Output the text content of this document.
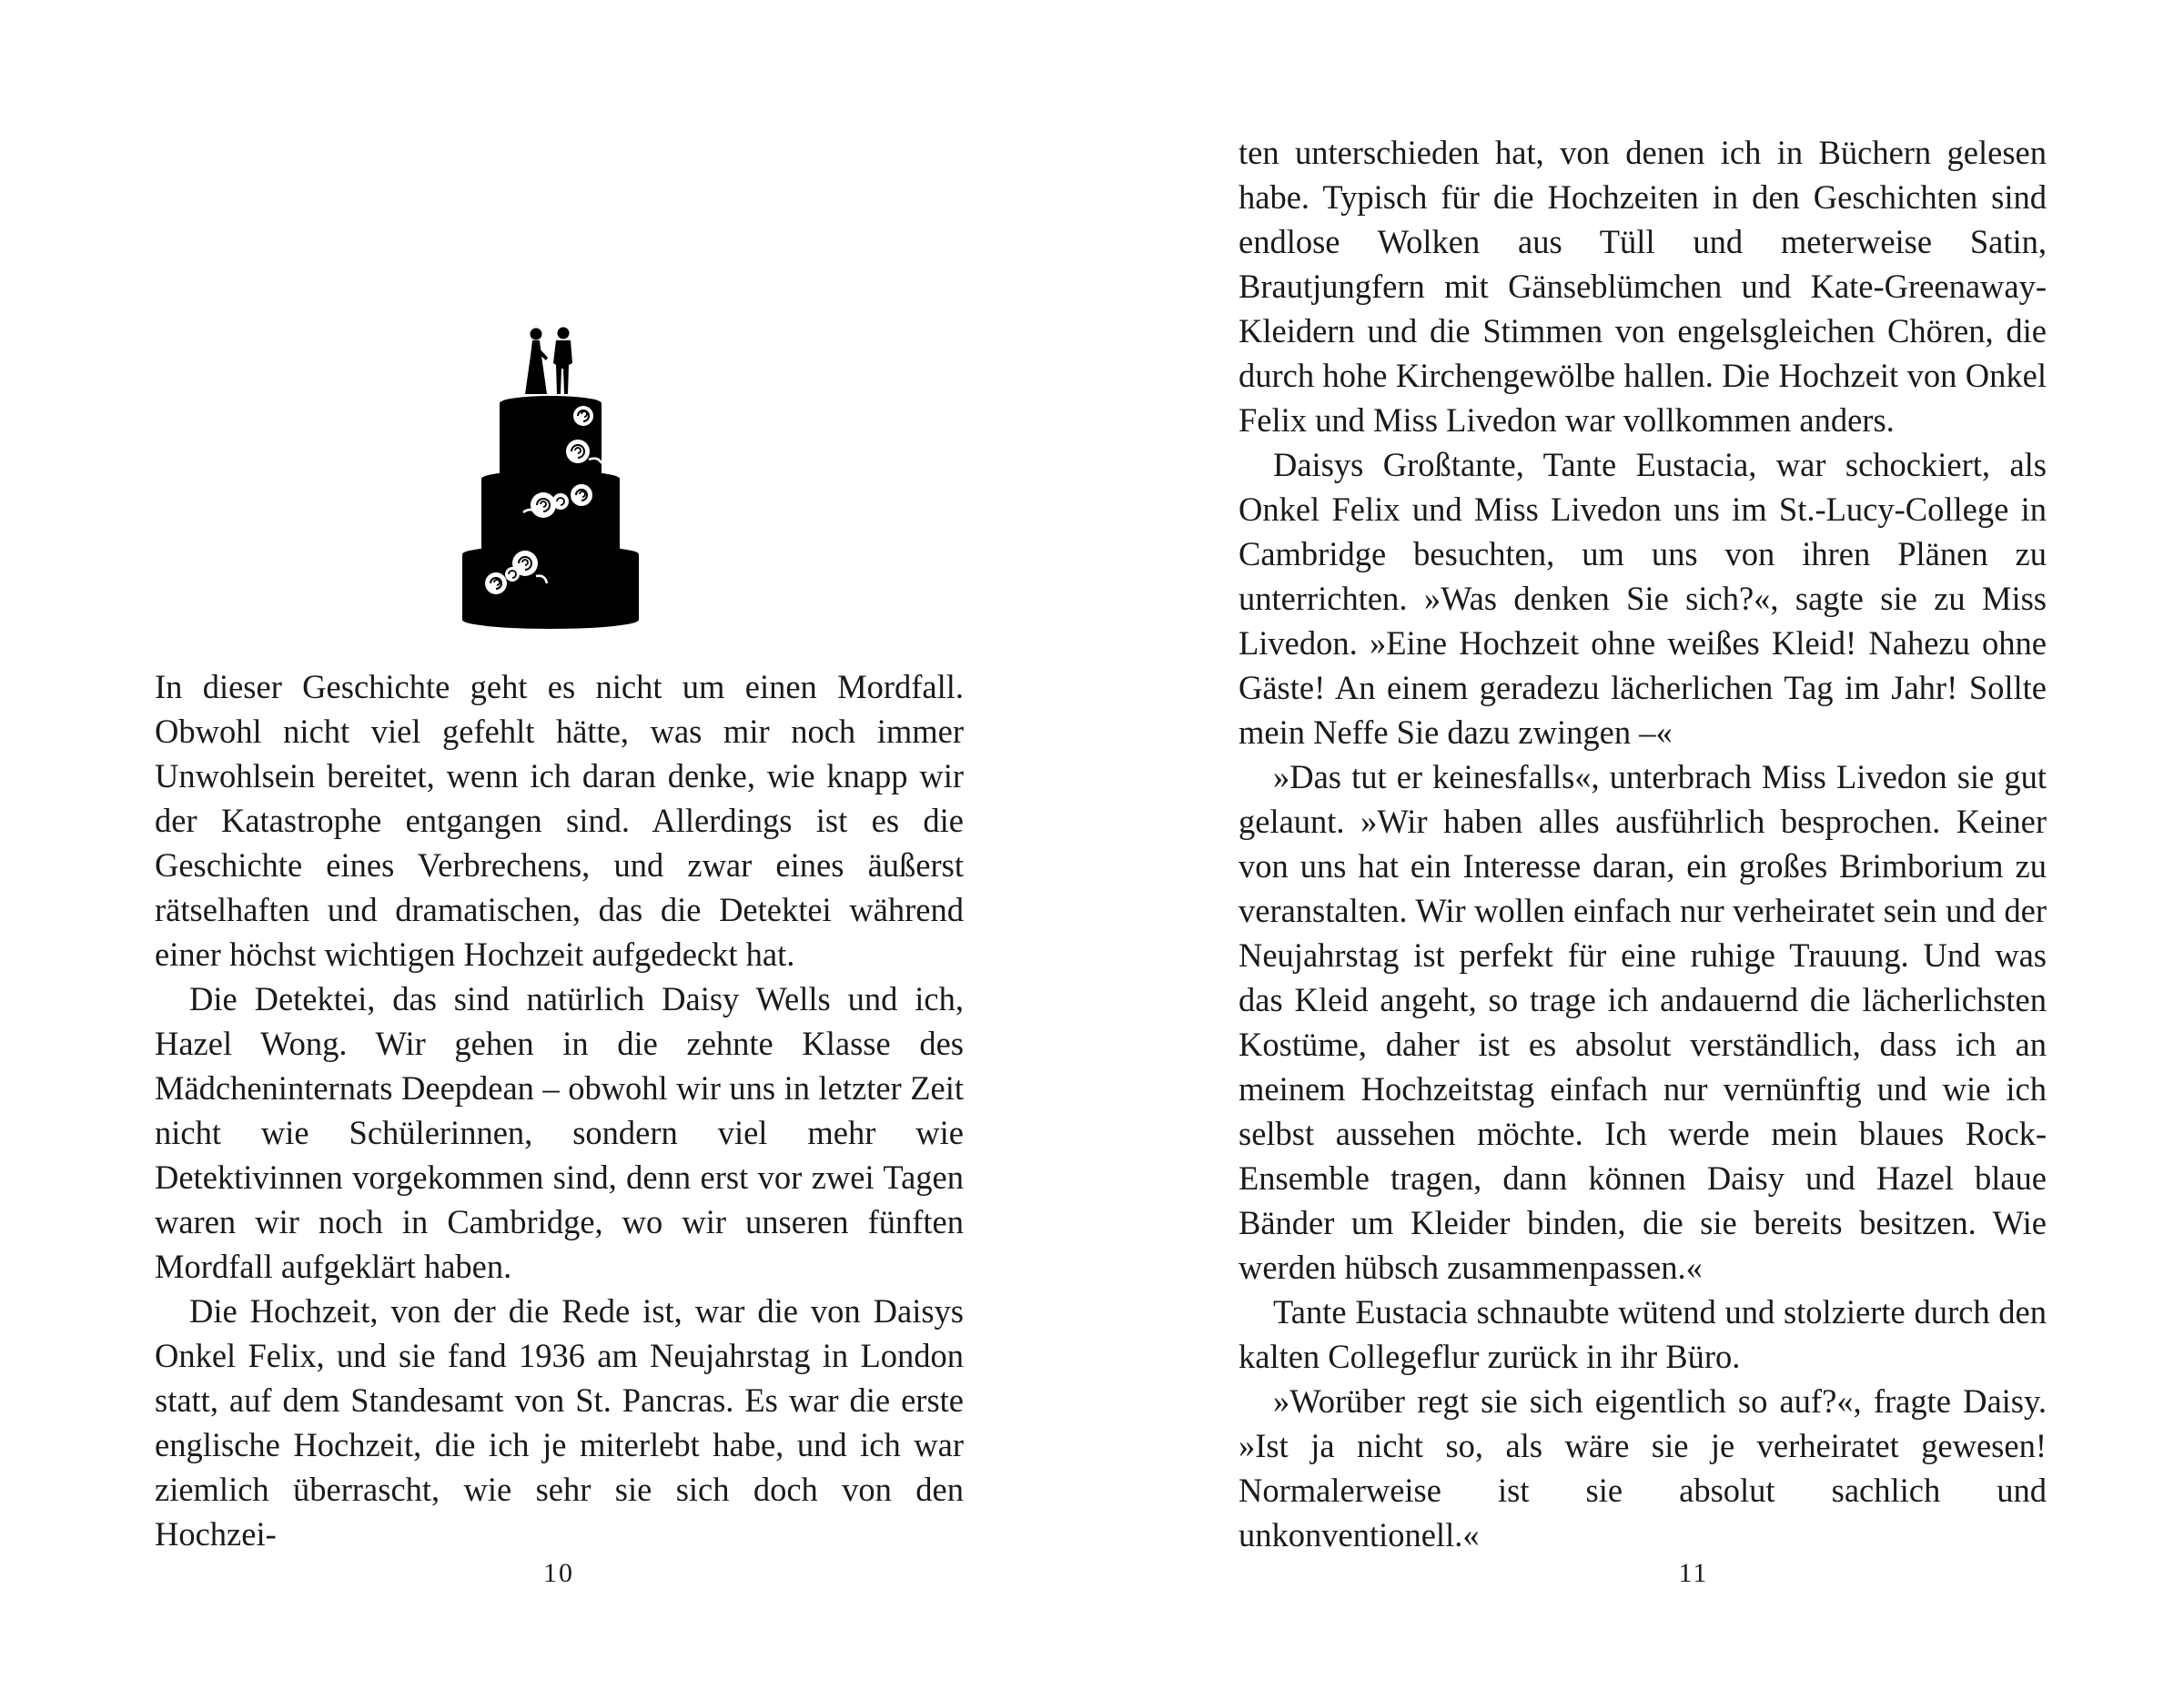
In dieser Geschichte geht es nicht um einen Mordfall. Obwohl nicht viel gefehlt hätte, was mir noch immer Unwohlsein bereitet, wenn ich daran denke, wie knapp wir der Katastrophe entgangen sind. Allerdings ist es die Geschichte eines Verbrechens, und zwar eines äußerst rätselhaften und dramatischen, das die Detektei während einer höchst wichtigen Hochzeit aufgedeckt hat.

Die Detektei, das sind natürlich Daisy Wells und ich, Hazel Wong. Wir gehen in die zehnte Klasse des Mädcheninternats Deepdean – obwohl wir uns in letzter Zeit nicht wie Schülerinnen, sondern viel mehr wie Detektivinnen vorgekommen sind, denn erst vor zwei Tagen waren wir noch in Cambridge, wo wir unseren fünften Mordfall aufgeklärt haben.

Die Hochzeit, von der die Rede ist, war die von Daisys Onkel Felix, und sie fand 1936 am Neujahrstag in London statt, auf dem Standesamt von St. Pancras. Es war die erste englische Hochzeit, die ich je miterlebt habe, und ich war ziemlich überrascht, wie sehr sie sich doch von den Hochzei-

10

ten unterschieden hat, von denen ich in Büchern gelesen habe. Typisch für die Hochzeiten in den Geschichten sind endlose Wolken aus Tüll und meterweise Satin, Brautjungfern mit Gänseblümchen und Kate-Greenaway-Kleidern und die Stimmen von engelsgleichen Chören, die durch hohe Kirchengewölbe hallen. Die Hochzeit von Onkel Felix und Miss Livedon war vollkommen anders.

Daisys Großtante, Tante Eustacia, war schockiert, als Onkel Felix und Miss Livedon uns im St.-Lucy-College in Cambridge besuchten, um uns von ihren Plänen zu unterrichten. »Was denken Sie sich?«, sagte sie zu Miss Livedon. »Eine Hochzeit ohne weißes Kleid! Nahezu ohne Gäste! An einem geradezu lächerlichen Tag im Jahr! Sollte mein Neffe Sie dazu zwingen –«

»Das tut er keinesfalls«, unterbrach Miss Livedon sie gut gelaunt. »Wir haben alles ausführlich besprochen. Keiner von uns hat ein Interesse daran, ein großes Brimborium zu veranstalten. Wir wollen einfach nur verheiratet sein und der Neujahrstag ist perfekt für eine ruhige Trauung. Und was das Kleid angeht, so trage ich andauernd die lächerlichsten Kostüme, daher ist es absolut verständlich, dass ich an meinem Hochzeitstag einfach nur vernünftig und wie ich selbst aussehen möchte. Ich werde mein blaues Rock-Ensemble tragen, dann können Daisy und Hazel blaue Bänder um Kleider binden, die sie bereits besitzen. Wie werden hübsch zusammenpassen.«

Tante Eustacia schnaubte wütend und stolzierte durch den kalten Collegeflur zurück in ihr Büro.

»Worüber regt sie sich eigentlich so auf?«, fragte Daisy. »Ist ja nicht so, als wäre sie je verheiratet gewesen! Normalerweise ist sie absolut sachlich und unkonventionell.«

11
